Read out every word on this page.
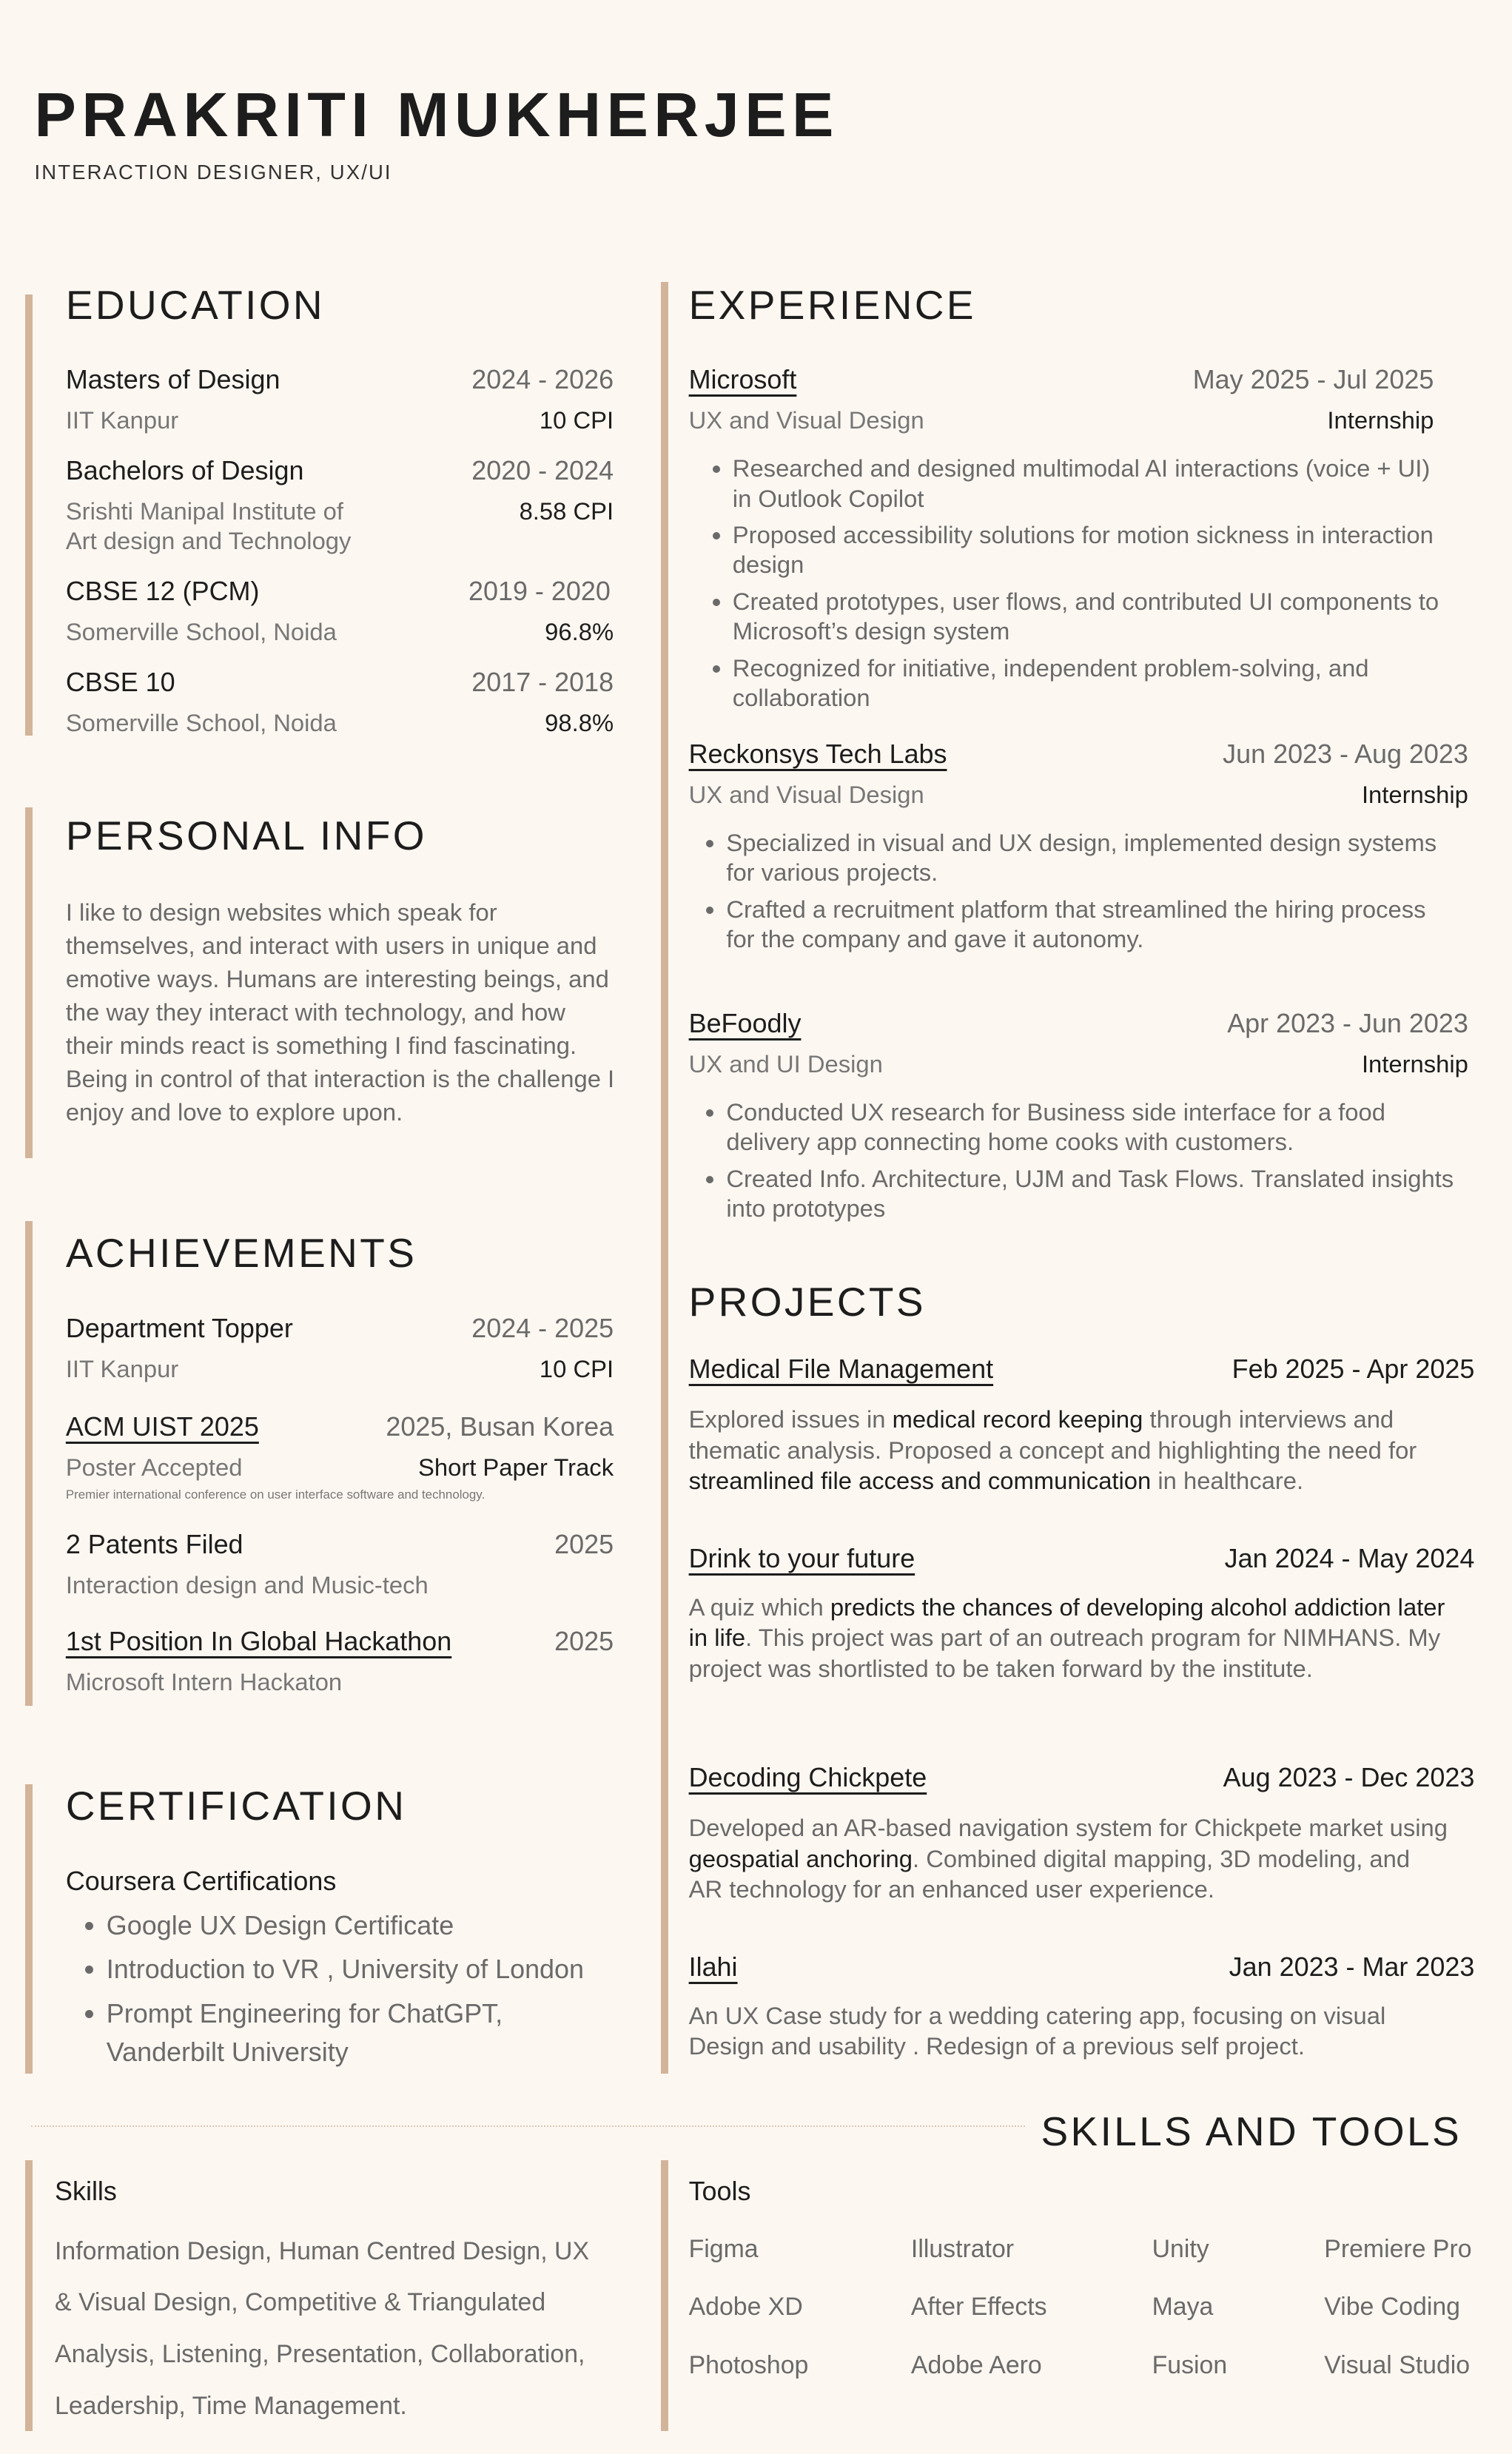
PRAKRITI MUKHERJEE
INTERACTION DESIGNER, UX/UI
EDUCATION
Masters of Design	2024 - 2026
IIT Kanpur	10 CPI
Bachelors of Design	2020 - 2024
Srishti Manipal Institute of	8.58 CPI
Art design and Technology
CBSE 12 (PCM)	2019 - 2020
Somerville School, Noida	96.8%
CBSE 10	2017 - 2018
Somerville School, Noida	98.8%
PERSONAL INFO
I like to design websites which speak for themselves, and interact with users in unique and emotive ways. Humans are interesting beings, and the way they interact with technology, and how their minds react is something I find fascinating. Being in control of that interaction is the challenge I enjoy and love to explore upon.
ACHIEVEMENTS
Department Topper	2024 - 2025
IIT Kanpur	10 CPI
ACM UIST 2025	2025, Busan Korea
Poster Accepted	Short Paper Track
Premier international conference on user interface software and technology.
2 Patents Filed	2025
Interaction design and Music-tech
1st Position In Global Hackathon	2025
Microsoft Intern Hackaton
CERTIFICATION
Coursera Certifications
• Google UX Design Certificate
• Introduction to VR , University of London
• Prompt Engineering for ChatGPT, Vanderbilt University
EXPERIENCE
Microsoft	May 2025 - Jul 2025
UX and Visual Design	Internship
• Researched and designed multimodal AI interactions (voice + UI) in Outlook Copilot
• Proposed accessibility solutions for motion sickness in interaction design
• Created prototypes, user flows, and contributed UI components to Microsoft’s design system
• Recognized for initiative, independent problem-solving, and collaboration
Reckonsys Tech Labs	Jun 2023 - Aug 2023
UX and Visual Design	Internship
• Specialized in visual and UX design, implemented design systems for various projects.
• Crafted a recruitment platform that streamlined the hiring process for the company and gave it autonomy.
BeFoodly	Apr 2023 - Jun 2023
UX and UI Design	Internship
• Conducted UX research for Business side interface for a food delivery app connecting home cooks with customers.
• Created Info. Architecture, UJM and Task Flows. Translated insights into prototypes
PROJECTS
Medical File Management	Feb 2025 - Apr 2025
Explored issues in medical record keeping through interviews and thematic analysis. Proposed a concept and highlighting the need for streamlined file access and communication in healthcare.
Drink to your future	Jan 2024 - May 2024
A quiz which predicts the chances of developing alcohol addiction later in life. This project was part of an outreach program for NIMHANS. My project was shortlisted to be taken forward by the institute.
Decoding Chickpete	Aug 2023 - Dec 2023
Developed an AR-based navigation system for Chickpete market using geospatial anchoring. Combined digital mapping, 3D modeling, and AR technology for an enhanced user experience.
Ilahi	Jan 2023 - Mar 2023
An UX Case study for a wedding catering app, focusing on visual Design and usability . Redesign of a previous self project.
SKILLS AND TOOLS
Skills
Information Design, Human Centred Design, UX & Visual Design, Competitive & Triangulated Analysis, Listening, Presentation, Collaboration, Leadership, Time Management.
Tools
Figma	Illustrator	Unity	Premiere Pro
Adobe XD	After Effects	Maya	Vibe Coding
Photoshop	Adobe Aero	Fusion	Visual Studio
